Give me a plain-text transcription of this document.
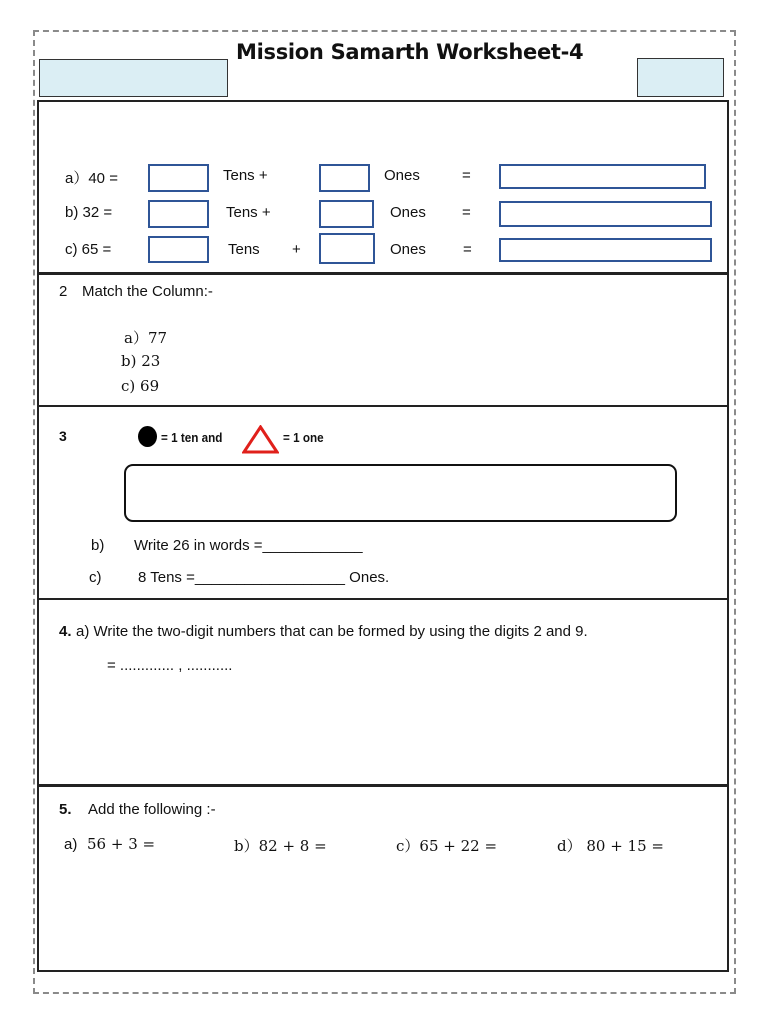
Mission Samarth Worksheet-4
a）40 =	Tens +	Ones	=
b) 32 =	Tens +	Ones =
c) 65 =	Tens +	Ones =
2 Match the Column:-
a）77
b) 23
c) 69
3	= 1 ten and	= 1 one
b) Write 26 in words =____________
c) 8 Tens =__________________ Ones.
4. a) Write the two-digit numbers that can be formed by using the digits 2 and 9.
= ............. , ...........
5. Add the following :-
a) 56 + 3 =	b）82 + 8 =	c）65 + 22 =	d） 80 + 15 =
